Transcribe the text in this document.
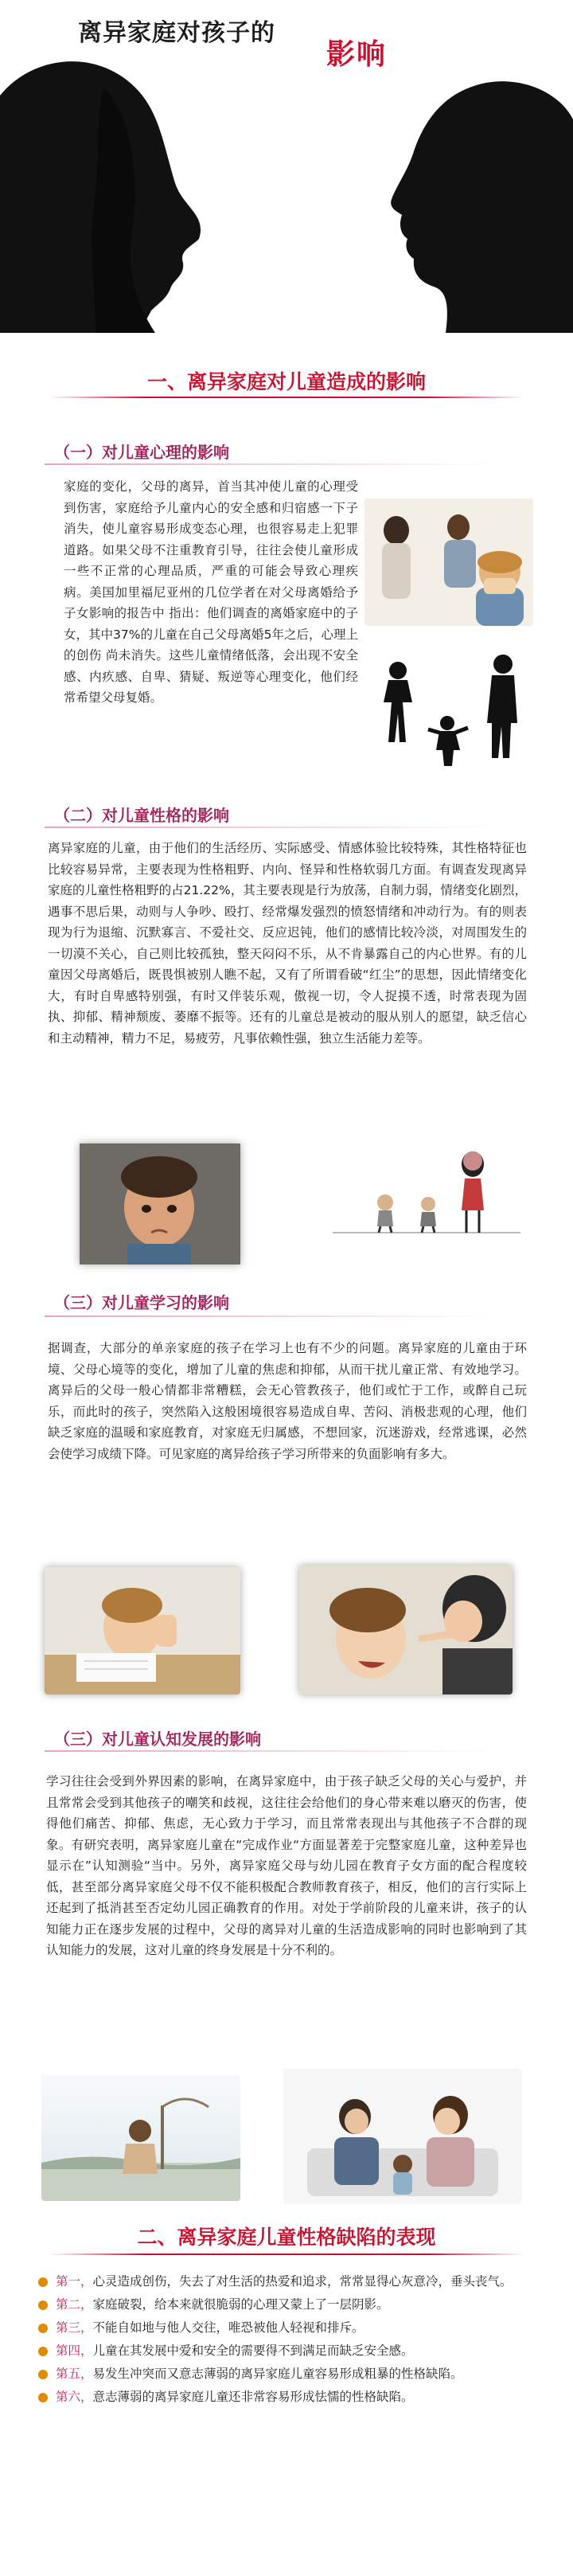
离异家庭对孩子的
影响
一、离异家庭对儿童造成的影响
（一）对儿童心理的影响
家庭的变化，父母的离异，首当其冲使儿童的心理受到伤害，家庭给予儿童内心的安全感和归宿感一下子消失，使儿童容易形成变态心理，也很容易走上犯罪道路。如果父母不注重教育引导，往往会使儿童形成一些不正常的心理品质，严重的可能会导致心理疾病。美国加里福尼亚州的几位学者在对父母离婚给予子女影响的报告中 指出：他们调查的离婚家庭中的子女，其中37%的儿童在自己父母离婚5年之后，心理上的创伤 尚未消失。这些儿童情绪低落，会出现不安全感、内疚感、自卑、猜疑、叛逆等心理变化，他们经常希望父母复婚。
（二）对儿童性格的影响
离异家庭的儿童，由于他们的生活经历、实际感受、情感体验比较特殊，其性格特征也比较容易异常，主要表现为性格粗野、内向、怪异和性格软弱几方面。有调查发现离异家庭的儿童性格粗野的占21.22%，其主要表现是行为放荡，自制力弱，情绪变化剧烈，遇事不思后果，动则与人争吵、殴打、经常爆发强烈的愤怒情绪和冲动行为。有的则表现为行为退缩、沉默寡言、不爱社交、反应迟钝，他们的感情比较冷淡，对周围发生的一切漠不关心，自己则比较孤独，整天闷闷不乐，从不肯暴露自己的内心世界。有的儿童因父母离婚后，既畏惧被别人瞧不起，又有了所谓看破“红尘”的思想，因此情绪变化大，有时自卑感特别强，有时又伴装乐观，傲视一切，令人捉摸不透，时常表现为固执、抑郁、精神颓废、萎靡不振等。还有的儿童总是被动的服从别人的愿望，缺乏信心和主动精神，精力不足，易疲劳，凡事依赖性强，独立生活能力差等。
（三）对儿童学习的影响
据调查，大部分的单亲家庭的孩子在学习上也有不少的问题。离异家庭的儿童由于环境、父母心境等的变化，增加了儿童的焦虑和抑郁，从而干扰儿童正常、有效地学习。离异后的父母一般心情都非常糟糕，会无心管教孩子，他们或忙于工作，或醉自己玩乐，而此时的孩子，突然陷入这般困境很容易造成自卑、苦闷、消极悲观的心理，他们缺乏家庭的温暖和家庭教育，对家庭无归属感，不想回家，沉迷游戏，经常逃课，必然会使学习成绩下降。可见家庭的离异给孩子学习所带来的负面影响有多大。
（三）对儿童认知发展的影响
学习往往会受到外界因素的影响，在离异家庭中，由于孩子缺乏父母的关心与爱护，并且常常会受到其他孩子的嘲笑和歧视，这往往会给他们的身心带来难以磨灭的伤害，使得他们痛苦、抑郁、焦虑，无心致力于学习，而且常常表现出与其他孩子不合群的现象。有研究表明，离异家庭儿童在“完成作业“方面显著差于完整家庭儿童，这种差异也显示在”认知测验“当中。另外，离异家庭父母与幼儿园在教育子女方面的配合程度较低，甚至部分离异家庭父母不仅不能积极配合教师教育孩子，相反，他们的言行实际上还起到了抵消甚至否定幼儿园正确教育的作用。对处于学前阶段的儿童来讲，孩子的认知能力正在逐步发展的过程中，父母的离异对儿童的生活造成影响的同时也影响到了其认知能力的发展，这对儿童的终身发展是十分不利的。
二、离异家庭儿童性格缺陷的表现
第一，心灵造成创伤，失去了对生活的热爱和追求，常常显得心灰意冷，垂头丧气。
第二，家庭破裂，给本来就很脆弱的心理又蒙上了一层阴影。
第三，不能自如地与他人交往，唯恐被他人轻视和排斥。
第四，儿童在其发展中爱和安全的需要得不到满足而缺乏安全感。
第五，易发生冲突而又意志薄弱的离异家庭儿童容易形成粗暴的性格缺陷。
第六，意志薄弱的离异家庭儿童还非常容易形成怯懦的性格缺陷。
